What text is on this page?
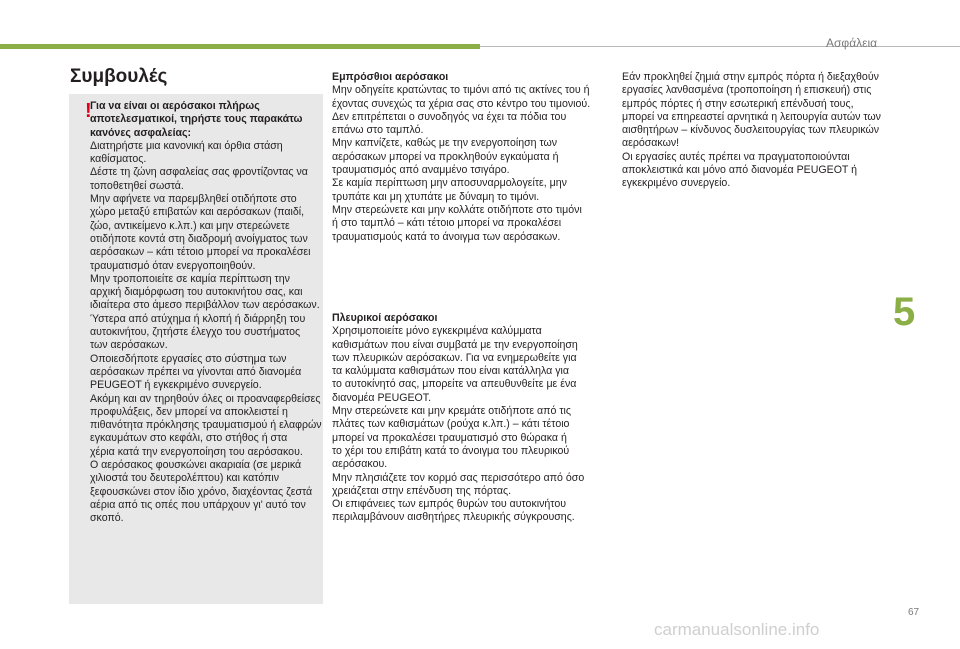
Ασφάλεια
Συμβουλές
!

Για να είναι οι αερόσακοι πλήρως

αποτελεσματικοί, τηρήστε τους παρακάτω

κανόνες ασφαλείας:

Διατηρήστε μια κανονική και όρθια στάση

καθίσματος.

Δέστε τη ζώνη ασφαλείας σας φροντίζοντας να

τοποθετηθεί σωστά.

Μην αφήνετε να παρεμβληθεί οτιδήποτε στο

χώρο μεταξύ επιβατών και αερόσακων (παιδί,

ζώο, αντικείμενο κ.λπ.) και μην στερεώνετε

οτιδήποτε κοντά στη διαδρομή ανοίγματος των

αερόσακων – κάτι τέτοιο μπορεί να προκαλέσει

τραυματισμό όταν ενεργοποιηθούν.

Μην τροποποιείτε σε καμία περίπτωση την

αρχική διαμόρφωση του αυτοκινήτου σας, και

ιδιαίτερα στο άμεσο περιβάλλον των αερόσακων.

Ύστερα από ατύχημα ή κλοπή ή διάρρηξη του

αυτοκινήτου, ζητήστε έλεγχο του συστήματος

των αερόσακων.

Οποιεσδήποτε εργασίες στο σύστημα των

αερόσακων πρέπει να γίνονται από διανομέα

PEUGEOT ή εγκεκριμένο συνεργείο.

Ακόμη και αν τηρηθούν όλες οι προαναφερθείσες

προφυλάξεις, δεν μπορεί να αποκλειστεί η

πιθανότητα πρόκλησης τραυματισμού ή ελαφρών

εγκαυμάτων στο κεφάλι, στο στήθος ή στα

χέρια κατά την ενεργοποίηση του αερόσακου.

Ο αερόσακος φουσκώνει ακαριαία (σε μερικά

χιλιοστά του δευτερολέπτου) και κατόπιν

ξεφουσκώνει στον ίδιο χρόνο, διαχέοντας ζεστά

αέρια από τις οπές που υπάρχουν γι' αυτό τον

σκοπό.

Εμπρόσθιοι αερόσακοι

Μην οδηγείτε κρατώντας το τιμόνι από τις ακτίνες του ή

έχοντας συνεχώς τα χέρια σας στο κέντρο του τιμονιού.

Δεν επιτρέπεται ο συνοδηγός να έχει τα πόδια του

επάνω στο ταμπλό.

Μην καπνίζετε, καθώς με την ενεργοποίηση των

αερόσακων μπορεί να προκληθούν εγκαύματα ή

τραυματισμός από αναμμένο τσιγάρο.

Σε καμία περίπτωση μην αποσυναρμολογείτε, μην

τρυπάτε και μη χτυπάτε με δύναμη το τιμόνι.

Μην στερεώνετε και μην κολλάτε οτιδήποτε στο τιμόνι

ή στο ταμπλό – κάτι τέτοιο μπορεί να προκαλέσει

τραυματισμούς κατά το άνοιγμα των αερόσακων.

Πλευρικοί αερόσακοι

Χρησιμοποιείτε μόνο εγκεκριμένα καλύμματα

καθισμάτων που είναι συμβατά με την ενεργοποίηση

των πλευρικών αερόσακων. Για να ενημερωθείτε για

τα καλύμματα καθισμάτων που είναι κατάλληλα για

το αυτοκίνητό σας, μπορείτε να απευθυνθείτε με ένα

διανομέα PEUGEOT.

Μην στερεώνετε και μην κρεμάτε οτιδήποτε από τις

πλάτες των καθισμάτων (ρούχα κ.λπ.) – κάτι τέτοιο

μπορεί να προκαλέσει τραυματισμό στο θώρακα ή

το χέρι του επιβάτη κατά το άνοιγμα του πλευρικού

αερόσακου.

Μην πλησιάζετε τον κορμό σας περισσότερο από όσο

χρειάζεται στην επένδυση της πόρτας.

Οι επιφάνειες των εμπρός θυρών του αυτοκινήτου

περιλαμβάνουν αισθητήρες πλευρικής σύγκρουσης.

Εάν προκληθεί ζημιά στην εμπρός πόρτα ή διεξαχθούν

εργασίες λανθασμένα (τροποποίηση ή επισκευή) στις

εμπρός πόρτες ή στην εσωτερική επένδυσή τους,

μπορεί να επηρεαστεί αρνητικά η λειτουργία αυτών των

αισθητήρων – κίνδυνος δυσλειτουργίας των πλευρικών

αερόσακων!

Οι εργασίες αυτές πρέπει να πραγματοποιούνται

αποκλειστικά και μόνο από διανομέα PEUGEOT ή

εγκεκριμένο συνεργείο.

5
67
carmanualsonline.info
